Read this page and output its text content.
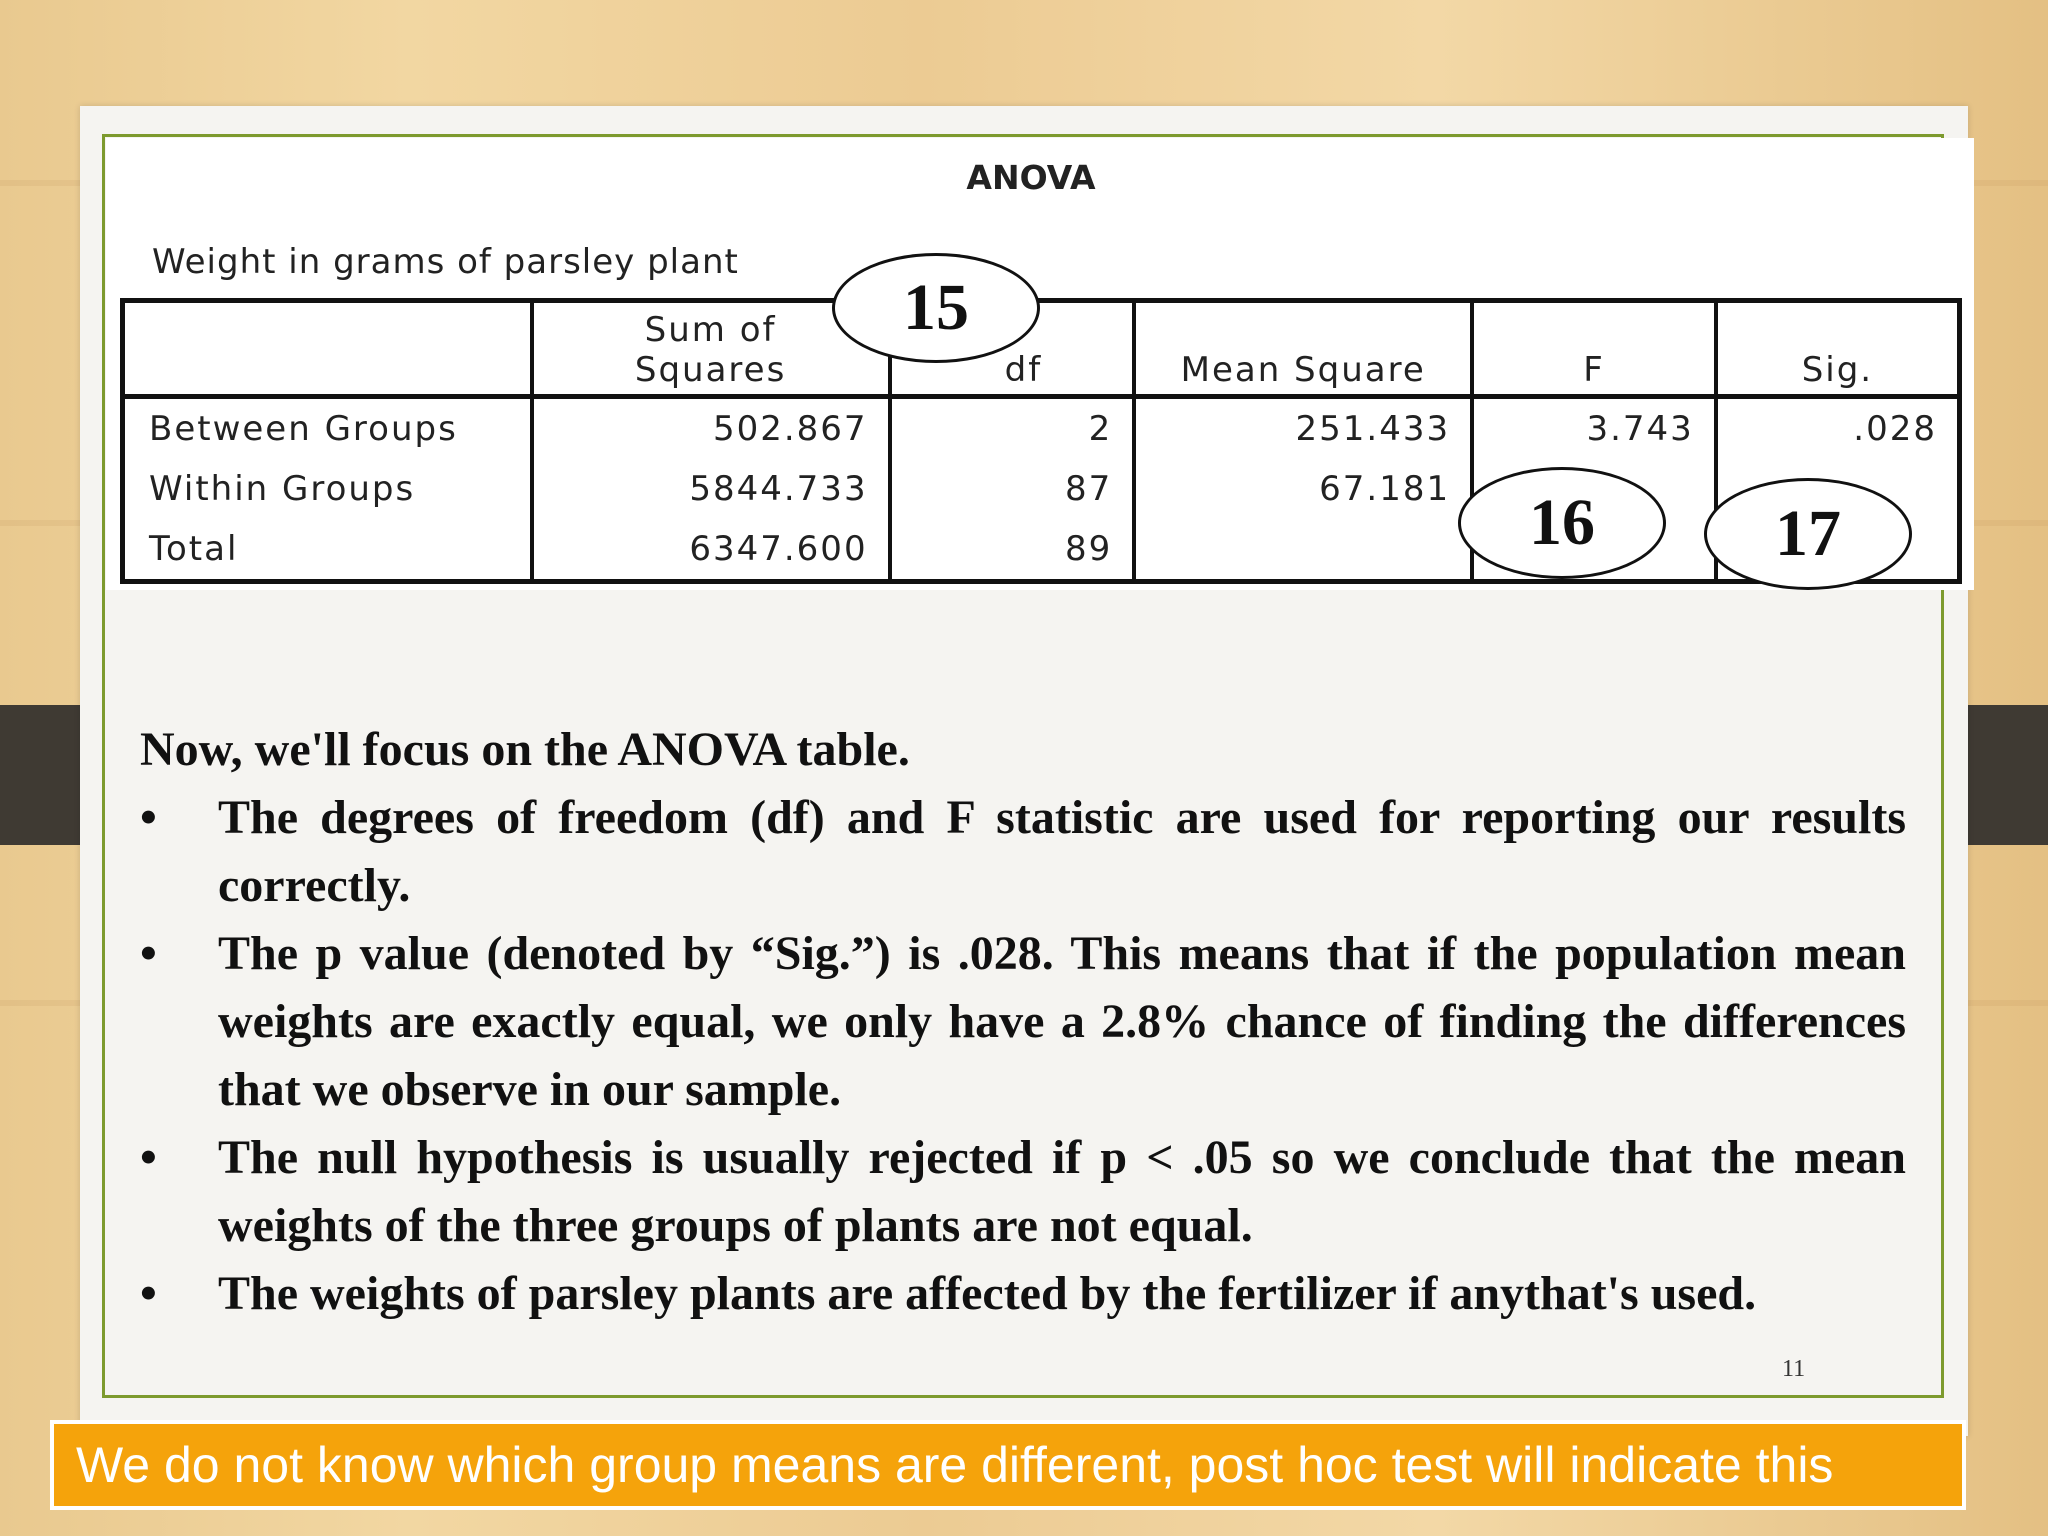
ANOVA
Weight in grams of parsley plant
	Sum of
Squares	df	Mean Square	F	Sig.
Between Groups	502.867	2	251.433	3.743	.028
Within Groups	5844.733	87	67.181		
Total	6347.600	89			
15
16	17

Now, we'll focus on the ANOVA table.

• The degrees of freedom (df) and F statistic are used for reporting our results correctly.
• The p value (denoted by “Sig.”) is .028. This means that if the population mean weights are exactly equal, we only have a 2.8% chance of finding the differences that we observe in our sample.
• The null hypothesis is usually rejected if p < .05 so we conclude that the mean weights of the three groups of plants are not equal.
• The weights of parsley plants are affected by the fertilizer if anythat's used.
11
We do not know which group means are different, post hoc test will indicate this
